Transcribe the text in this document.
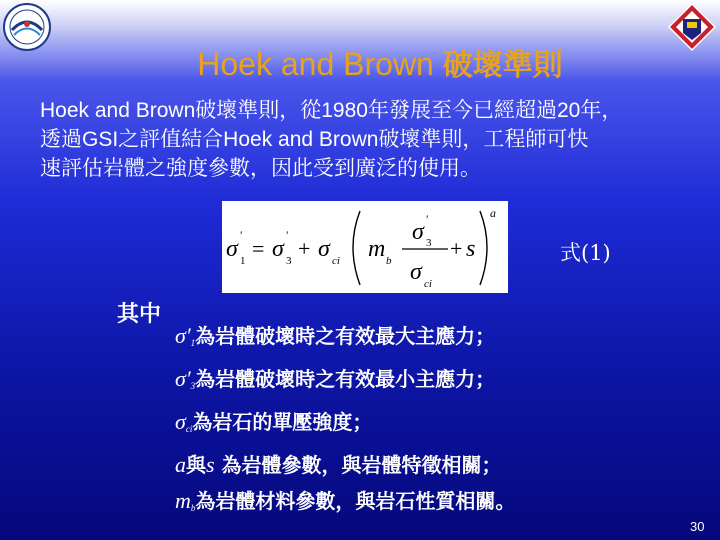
Hoek and Brown 破壞準則
Hoek and Brown破壞準則，從1980年發展至今已經超過20年，
透過GSI之評值結合Hoek and Brown破壞準則，工程師可快
速評估岩體之強度參數，因此受到廣泛的使用。
σ
′
1 = σ
′
3 + σ ci m b
σ ′
3
σ ci
+ s
a
式(1)
其中
$\sigma'_1$為岩體破壞時之有效最大主應力；
$\sigma'_3$為岩體破壞時之有效最小主應力；
$\sigma_{ci}$為岩石的單壓強度；
a與s 為岩體參數，與岩體特徵相關；
$m_b$為岩體材料參數，與岩石性質相關。
30
